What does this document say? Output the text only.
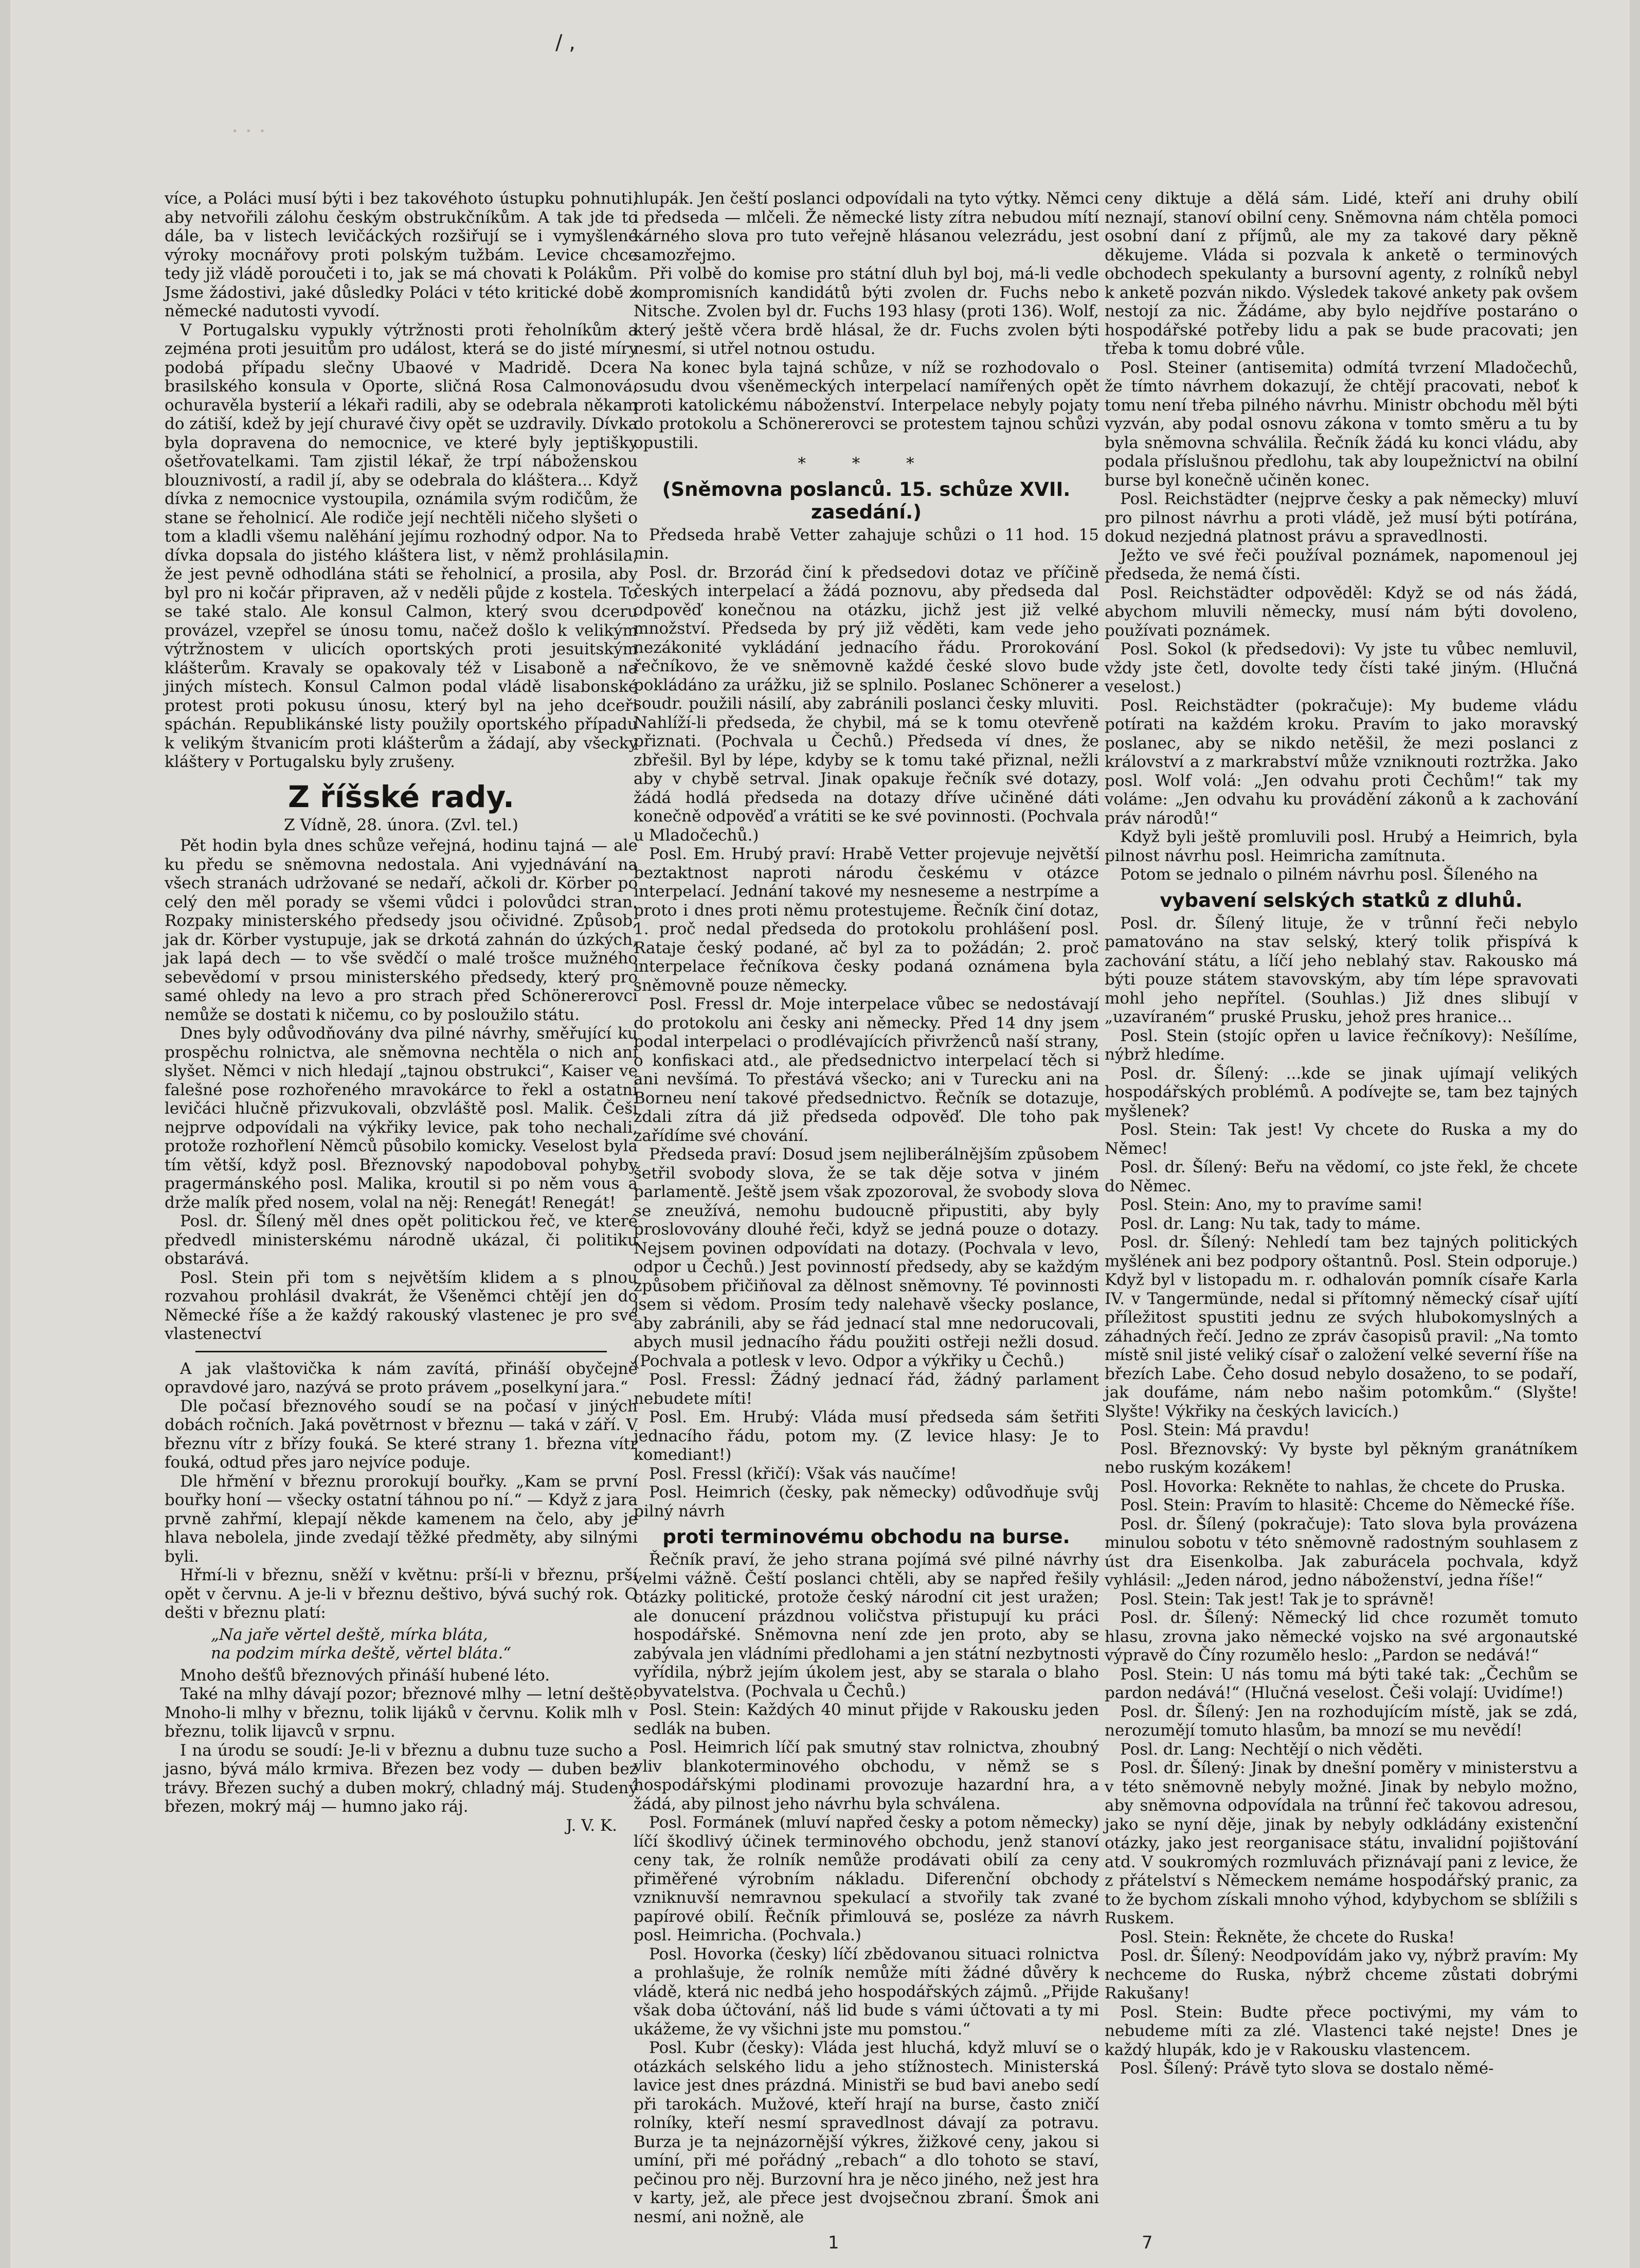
· · ·
/ ,
1	7

více, a Poláci musí býti i bez takovéhoto ústupku pohnuti, aby netvořili zálohu českým obstrukčníkům. A tak jde to dále, ba v listech levičáckých rozšiřují se i vymyšlené výroky mocnářovy proti polským tužbám. Levice chce tedy již vládě poroučeti i to, jak se má chovati k Polákům. Jsme žádostivi, jaké důsledky Poláci v této kritické době z německé nadutosti vyvodí.

V Portugalsku vypukly výtržnosti proti řeholníkům a zejména proti jesuitům pro událost, která se do jisté míry podobá případu slečny Ubaové v Madridě. Dcera brasilského konsula v Oporte, sličná Rosa Calmonová, ochuravěla bysterií a lékaři radili, aby se odebrala někam do zátiší, kdež by její churavé čivy opět se uzdravily. Dívka byla dopravena do nemocnice, ve které byly jeptišky ošetřovatelkami. Tam zjistil lékař, že trpí náboženskou blouznivostí, a radil jí, aby se odebrala do kláštera... Když dívka z nemocnice vystoupila, oznámila svým rodičům, že stane se řeholnicí. Ale rodiče její nechtěli ničeho slyšeti o tom a kladli všemu nalěhání jejímu rozhodný odpor. Na to dívka dopsala do jistého kláštera list, v němž prohlásila, že jest pevně odhodlána státi se řeholnicí, a prosila, aby byl pro ni kočár připraven, až v neděli půjde z kostela. To se také stalo. Ale konsul Calmon, který svou dceru provázel, vzepřel se únosu tomu, načež došlo k velikým výtržnostem v ulicích oportských proti jesuitským klášterům. Kravaly se opakovaly též v Lisaboně a na jiných místech. Konsul Calmon podal vládě lisabonské protest proti pokusu únosu, který byl na jeho dceři spáchán. Republikánské listy použily oportského případu k velikým štvanicím proti klášterům a žádají, aby všecky kláštery v Portugalsku byly zrušeny.

Z říšské rady.
Z Vídně, 28. února. (Zvl. tel.)

Pět hodin byla dnes schůze veřejná, hodinu tajná — ale ku předu se sněmovna nedostala. Ani vyjednávání na všech stranách udržované se nedaří, ačkoli dr. Körber po celý den měl porady se všemi vůdci i polovůdci stran. Rozpaky ministerského předsedy jsou očividné. Způsob, jak dr. Körber vystupuje, jak se drkotá zahnán do úzkých, jak lapá dech — to vše svědčí o malé trošce mužného sebevědomí v prsou ministerského předsedy, který pro samé ohledy na levo a pro strach před Schönererovci nemůže se dostati k ničemu, co by posloužilo státu.

Dnes byly odůvodňovány dva pilné návrhy, směřující ku prospěchu rolnictva, ale sněmovna nechtěla o nich ani slyšet. Němci v nich hledají „tajnou obstrukci“, Kaiser ve falešné pose rozhořeného mravokárce to řekl a ostatní levičáci hlučně přizvukovali, obzvláště posl. Malik. Češi nejprve odpovídali na výkřiky levice, pak toho nechali, protože rozhořlení Němců působilo komicky. Veselost byla tím větší, když posl. Březnovský napodoboval pohyby pragermánského posl. Malika, kroutil si po něm vous a drže malík před nosem, volal na něj: Renegát! Renegát!

Posl. dr. Šílený měl dnes opět politickou řeč, ve které předvedl ministerskému národně ukázal, či politiku obstarává.

Posl. Stein při tom s největším klidem a s plnou rozvahou prohlásil dvakrát, že Všeněmci chtějí jen do Německé říše a že každý rakouský vlastenec je pro své vlastenectví

A jak vlaštovička k nám zavítá, přináší obyčejně opravdové jaro, nazývá se proto právem „poselkyní jara.“

Dle počasí březnového soudí se na počasí v jiných dobách ročních. Jaká povětrnost v březnu — taká v září. V březnu vítr z břízy fouká. Se které strany 1. března vítr fouká, odtud přes jaro nejvíce poduje.

Dle hřmění v březnu prorokují bouřky. „Kam se první bouřky honí — všecky ostatní táhnou po ní.“ — Když z jara prvně zahřmí, klepají někde kamenem na čelo, aby je hlava nebolela, jinde zvedají těžké předměty, aby silnými byli.

Hřmí-li v březnu, sněží v květnu: prší-li v březnu, prší opět v červnu. A je-li v březnu deštivo, bývá suchý rok. O dešti v březnu platí:

„Na jaře věrtel deště, mírka bláta,
na podzim mírka deště, věrtel bláta.“

Mnoho dešťů březnových přináší hubené léto.

Také na mlhy dávají pozor; březnové mlhy — letní deště. Mnoho-li mlhy v březnu, tolik lijáků v červnu. Kolik mlh v březnu, tolik lijavců v srpnu.

I na úrodu se soudí: Je-li v březnu a dubnu tuze sucho a jasno, bývá málo krmiva. Březen bez vody — duben bez trávy. Březen suchý a duben mokrý, chladný máj. Studený březen, mokrý máj — humno jako ráj.

J. V. K.

hlupák. Jen čeští poslanci odpovídali na tyto výtky. Němci i předseda — mlčeli. Že německé listy zítra nebudou mítí kárného slova pro tuto veřejně hlásanou velezrádu, jest samozřejmo.

Při volbě do komise pro státní dluh byl boj, má-li vedle kompromisních kandidátů býti zvolen dr. Fuchs nebo Nitsche. Zvolen byl dr. Fuchs 193 hlasy (proti 136). Wolf, který ještě včera brdě hlásal, že dr. Fuchs zvolen býti nesmí, si utřel notnou ostudu.

Na konec byla tajná schůze, v níž se rozhodovalo o osudu dvou všeněmeckých interpelací namířených opět proti katolickému náboženství. Interpelace nebyly pojaty do protokolu a Schönererovci se protestem tajnou schůzi opustili.

* * *
(Sněmovna poslanců. 15. schůze XVII. zasedání.)

Předseda hrabě Vetter zahajuje schůzi o 11 hod. 15 min.

Posl. dr. Brzorád činí k předsedovi dotaz ve příčině českých interpelací a žádá poznovu, aby předseda dal odpověď konečnou na otázku, jichž jest již velké množství. Předseda by prý již věděti, kam vede jeho nezákonité vykládání jednacího řádu. Prorokování řečníkovo, že ve sněmovně každé české slovo bude pokládáno za urážku, již se splnilo. Poslanec Schönerer a soudr. použili násilí, aby zabránili poslanci česky mluviti. Nahlíží-li předseda, že chybil, má se k tomu otevřeně přiznati. (Pochvala u Čechů.) Předseda ví dnes, že zbřešil. Byl by lépe, kdyby se k tomu také přiznal, nežli aby v chybě setrval. Jinak opakuje řečník své dotazy, žádá hodlá předseda na dotazy dříve učiněné dáti konečně odpověď a vrátiti se ke své povinnosti. (Pochvala u Mladočechů.)

Posl. Em. Hrubý praví: Hrabě Vetter projevuje největší beztaktnost naproti národu českému v otázce interpelací. Jednání takové my nesneseme a nestrpíme a proto i dnes proti němu protestujeme. Řečník činí dotaz, 1. proč nedal předseda do protokolu prohlášení posl. Rataje český podané, ač byl za to požádán; 2. proč interpelace řečníkova česky podaná oznámena byla sněmovně pouze německy.

Posl. Fressl dr. Moje interpelace vůbec se nedostávají do protokolu ani česky ani německy. Před 14 dny jsem podal interpelaci o prodlévajících přivrženců naší strany, o konfiskaci atd., ale předsednictvo interpelací těch si ani nevšímá. To přestává všecko; ani v Turecku ani na Borneu není takové předsednictvo. Řečník se dotazuje, zdali zítra dá již předseda odpověď. Dle toho pak zařídíme své chování.

Předseda praví: Dosud jsem nejliberálnějším způsobem šetřil svobody slova, že se tak děje sotva v jiném parlamentě. Ještě jsem však zpozoroval, že svobody slova se zneužívá, nemohu budoucně připustiti, aby byly proslovovány dlouhé řeči, když se jedná pouze o dotazy. Nejsem povinen odpovídati na dotazy. (Pochvala v levo, odpor u Čechů.) Jest povinností předsedy, aby se každým způsobem přičiňoval za dělnost sněmovny. Té povinnosti jsem si vědom. Prosím tedy nalehavě všecky poslance, aby zabránili, aby se řád jednací stal mne nedorucovali, abych musil jednacího řádu použiti ostřeji nežli dosud. (Pochvala a potlesk v levo. Odpor a výkřiky u Čechů.)

Posl. Fressl: Žádný jednací řád, žádný parlament nebudete míti!

Posl. Em. Hrubý: Vláda musí předseda sám šetřiti jednacího řádu, potom my. (Z levice hlasy: Je to komediant!)

Posl. Fressl (křičí): Však vás naučíme!

Posl. Heimrich (česky, pak německy) odůvodňuje svůj pilný návrh

proti terminovému obchodu na burse.

Řečník praví, že jeho strana pojímá své pilné návrhy velmi vážně. Čeští poslanci chtěli, aby se napřed řešily otázky politické, protože český národní cit jest uražen; ale donucení prázdnou voličstva přistupují ku práci hospodářské. Sněmovna není zde jen proto, aby se zabývala jen vládními předlohami a jen státní nezbytnosti vyřídila, nýbrž jejím úkolem jest, aby se starala o blaho obyvatelstva. (Pochvala u Čechů.)

Posl. Stein: Každých 40 minut přijde v Rakousku jeden sedlák na buben.

Posl. Heimrich líčí pak smutný stav rolnictva, zhoubný vliv blankoterminového obchodu, v němž se s hospodářskými plodinami provozuje hazardní hra, a žádá, aby pilnost jeho návrhu byla schválena.

Posl. Formánek (mluví napřed česky a potom německy) líčí škodlivý účinek terminového obchodu, jenž stanoví ceny tak, že rolník nemůže prodávati obilí za ceny přiměřené výrobním nákladu. Diferenční obchody vzniknuvší nemravnou spekulací a stvořily tak zvané papírové obilí. Řečník přimlouvá se, posléze za návrh posl. Heimricha. (Pochvala.)

Posl. Hovorka (česky) líčí zbědovanou situaci rolnictva a prohlašuje, že rolník nemůže míti žádné důvěry k vládě, která nic nedbá jeho hospodářských zájmů. „Přijde však doba účtování, náš lid bude s vámi účtovati a ty mi ukážeme, že vy všichni jste mu pomstou.“

Posl. Kubr (česky): Vláda jest hluchá, když mluví se o otázkách selského lidu a jeho stížnostech. Ministerská lavice jest dnes prázdná. Ministři se bud bavi anebo sedí při tarokách. Mužové, kteří hrají na burse, často zničí rolníky, kteří nesmí spravedlnost dávají za potravu. Burza je ta nejnázornější výkres, žižkové ceny, jakou si umíní, při mé pořádný „rebach“ a dlo tohoto se staví, pečinou pro něj. Burzovní hra je něco jiného, než jest hra v karty, jež, ale přece jest dvojsečnou zbraní. Šmok ani nesmí, ani nožně, ale

ceny diktuje a dělá sám. Lidé, kteří ani druhy obilí neznají, stanoví obilní ceny. Sněmovna nám chtěla pomoci osobní daní z příjmů, ale my za takové dary pěkně děkujeme. Vláda si pozvala k anketě o terminových obchodech spekulanty a bursovní agenty, z rolníků nebyl k anketě pozván nikdo. Výsledek takové ankety pak ovšem nestojí za nic. Žádáme, aby bylo nejdříve postaráno o hospodářské potřeby lidu a pak se bude pracovati; jen třeba k tomu dobré vůle.

Posl. Steiner (antisemita) odmítá tvrzení Mladočechů, že tímto návrhem dokazují, že chtějí pracovati, neboť k tomu není třeba pilného návrhu. Ministr obchodu měl býti vyzván, aby podal osnovu zákona v tomto směru a tu by byla sněmovna schválila. Řečník žádá ku konci vládu, aby podala příslušnou předlohu, tak aby loupežnictví na obilní burse byl konečně učiněn konec.

Posl. Reichstädter (nejprve česky a pak německy) mluví pro pilnost návrhu a proti vládě, jež musí býti potírána, dokud nezjedná platnost právu a spravedlnosti.

Ježto ve své řeči používal poznámek, napomenoul jej předseda, že nemá čísti.

Posl. Reichstädter odpověděl: Když se od nás žádá, abychom mluvili německy, musí nám býti dovoleno, používati poznámek.

Posl. Sokol (k předsedovi): Vy jste tu vůbec nemluvil, vždy jste četl, dovolte tedy čísti také jiným. (Hlučná veselost.)

Posl. Reichstädter (pokračuje): My budeme vládu potírati na každém kroku. Pravím to jako moravský poslanec, aby se nikdo netěšil, že mezi poslanci z království a z markrabství může vzniknouti roztržka. Jako posl. Wolf volá: „Jen odvahu proti Čechům!“ tak my voláme: „Jen odvahu ku provádění zákonů a k zachování práv národů!“

Když byli ještě promluvili posl. Hrubý a Heimrich, byla pilnost návrhu posl. Heimricha zamítnuta.

Potom se jednalo o pilném návrhu posl. Šíleného na

vybavení selských statků z dluhů.

Posl. dr. Šílený lituje, že v trůnní řeči nebylo pamatováno na stav selský, který tolik přispívá k zachování státu, a líčí jeho neblahý stav. Rakousko má býti pouze státem stavovským, aby tím lépe spravovati mohl jeho nepřítel. (Souhlas.) Již dnes slibují v „uzavíraném“ pruské Prusku, jehož pres hranice...

Posl. Stein (stojíc opřen u lavice řečníkovy): Nešílíme, nýbrž hledíme.

Posl. dr. Šílený: ...kde se jinak ujímají velikých hospodářských problémů. A podívejte se, tam bez tajných myšlenek?

Posl. Stein: Tak jest! Vy chcete do Ruska a my do Němec!

Posl. dr. Šílený: Beřu na vědomí, co jste řekl, že chcete do Němec.

Posl. Stein: Ano, my to pravíme sami!

Posl. dr. Lang: Nu tak, tady to máme.

Posl. dr. Šílený: Nehledí tam bez tajných politických myšlének ani bez podpory oštantnů. Posl. Stein odporuje.) Když byl v listopadu m. r. odhalován pomník císaře Karla IV. v Tangermünde, nedal si přítomný německý císař ujítí příležitost spustiti jednu ze svých hlubokomyslných a záhadných řečí. Jedno ze zpráv časopisů pravil: „Na tomto místě snil jisté veliký císař o založení velké severní říše na březích Labe. Čeho dosud nebylo dosaženo, to se podaří, jak doufáme, nám nebo našim potomkům.“ (Slyšte! Slyšte! Výkřiky na českých lavicích.)

Posl. Stein: Má pravdu!

Posl. Březnovský: Vy byste byl pěkným granátníkem nebo ruským kozákem!

Posl. Hovorka: Rekněte to nahlas, že chcete do Pruska.

Posl. Stein: Pravím to hlasitě: Chceme do Německé říše.

Posl. dr. Šílený (pokračuje): Tato slova byla provázena minulou sobotu v této sněmovně radostným souhlasem z úst dra Eisenkolba. Jak zaburácela pochvala, když vyhlásil: „Jeden národ, jedno náboženství, jedna říše!“

Posl. Stein: Tak jest! Tak je to správně!

Posl. dr. Šílený: Německý lid chce rozumět tomuto hlasu, zrovna jako německé vojsko na své argonautské výpravě do Číny rozumělo heslo: „Pardon se nedává!“

Posl. Stein: U nás tomu má býti také tak: „Čechům se pardon nedává!“ (Hlučná veselost. Češi volají: Uvidíme!)

Posl. dr. Šílený: Jen na rozhodujícím místě, jak se zdá, nerozumějí tomuto hlasům, ba mnozí se mu nevědí!

Posl. dr. Lang: Nechtějí o nich věděti.

Posl. dr. Šílený: Jinak by dnešní poměry v ministerstvu a v této sněmovně nebyly možné. Jinak by nebylo možno, aby sněmovna odpovídala na trůnní řeč takovou adresou, jako se nyní děje, jinak by nebyly odkládány existenční otázky, jako jest reorganisace státu, invalidní pojištování atd. V soukromých rozmluvách přiznávají pani z levice, že z přátelství s Německem nemáme hospodářský pranic, za to že bychom získali mnoho výhod, kdybychom se sblížili s Ruskem.

Posl. Stein: Řekněte, že chcete do Ruska!

Posl. dr. Šílený: Neodpovídám jako vy, nýbrž pravím: My nechceme do Ruska, nýbrž chceme zůstati dobrými Rakušany!

Posl. Stein: Budte přece poctivými, my vám to nebudeme míti za zlé. Vlastenci také nejste! Dnes je každý hlupák, kdo je v Rakousku vlastencem.

Posl. Šílený: Právě tyto slova se dostalo němé-
